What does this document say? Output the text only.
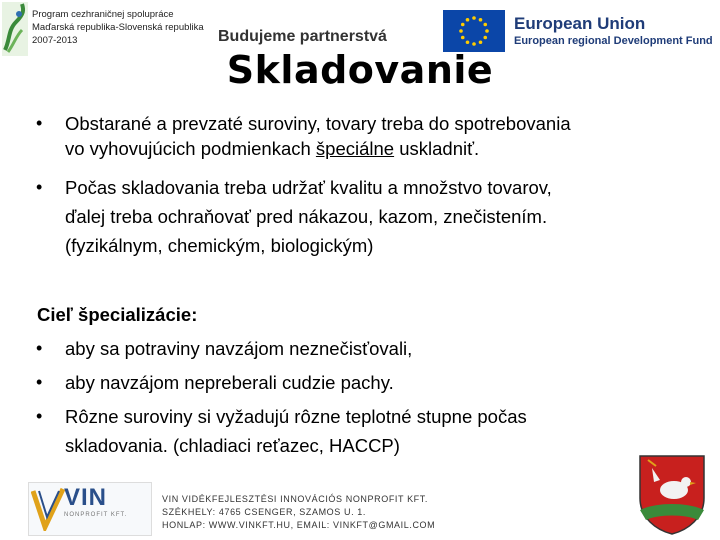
Program cezhraničnej spolupráce
Maďarská republika-Slovenská republika
2007-2013	Budujeme partnerstvá
European Union
European regional Development Fund
Skladovanie
• Obstarané a prevzaté suroviny, tovary treba do spotrebovania
vo vyhovujúcich podmienkach špeciálne uskladniť.
• Počas skladovania treba udržať kvalitu a množstvo tovarov,
ďalej treba ochraňovať pred nákazou, kazom, znečistením.
(fyzikálnym, chemickým, biologickým)
Cieľ špecializácie:
• aby sa potraviny navzájom neznečisťovali,
• aby navzájom nepreberali cudzie pachy.
• Rôzne suroviny si vyžadujú rôzne teplotné stupne počas
skladovania. (chladiaci reťazec, HACCP)
VIN
NONPROFIT KFT.
VIN VIDÉKFEJLESZTÉSI INNOVÁCIÓS NONPROFIT KFT.
SZÉKHELY: 4765 CSENGER, SZAMOS U. 1.
HONLAP: WWW.VINKFT.HU, EMAIL: VINKFT@GMAIL.COM
